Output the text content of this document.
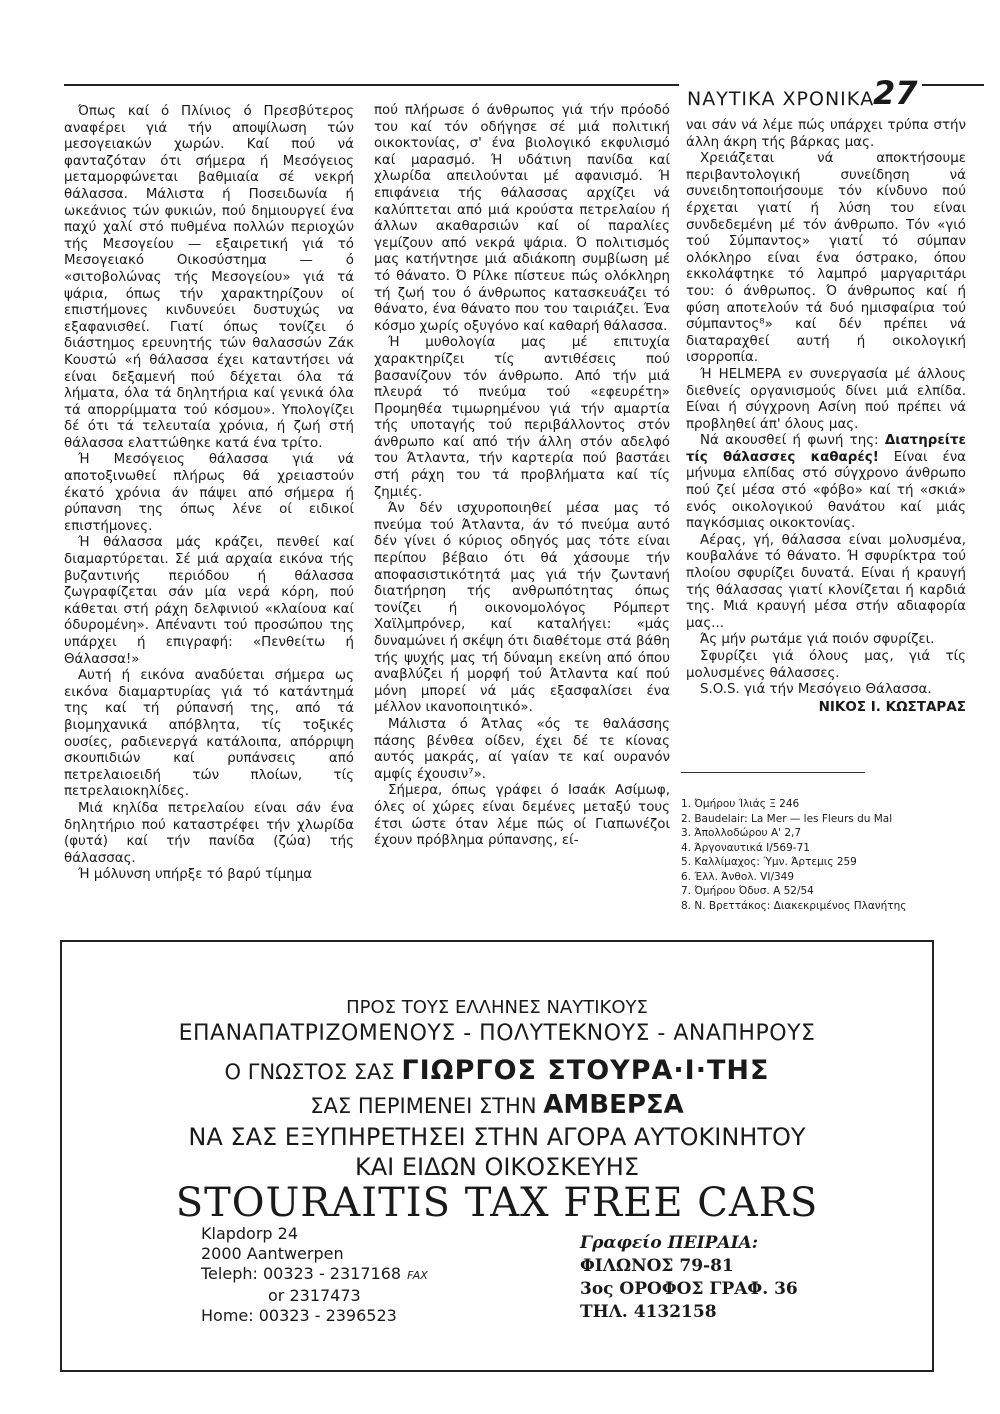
ΝΑΥΤΙΚΑ ΧΡΟΝΙΚΑ
27

Όπως καί ό Πλίνιος ό Πρεσβύτερος αναφέρει γιά τήν αποψίλωση τών μεσογειακών χωρών. Καί πού νά φανταζόταν ότι σήμερα ή Μεσόγειος μεταμορφώνεται βαθμιαία σέ νεκρή θάλασσα. Μάλιστα ή Ποσειδωνία ή ωκεάνιος τών φυκιών, πού δημιουργεί ένα παχύ χαλί στό πυθμένα πολλών περιοχών τής Μεσογείου — εξαιρετική γιά τό Μεσογειακό Οικοσύστημα — ό «σιτοβολώνας τής Μεσογείου» γιά τά ψάρια, όπως τήν χαρακτηρίζουν οί επιστήμονες κινδυνεύει δυστυχώς να εξαφανισθεί. Γιατί όπως τονίζει ό διάστημος ερευνητής τών θαλασσών Ζάκ Κουστώ «ή θάλασσα έχει καταντήσει νά είναι δεξαμενή πού δέχεται όλα τά λήματα, όλα τά δηλητήρια καί γενικά όλα τά απορρίμματα τού κόσμου». Υπολογίζει δέ ότι τά τελευταία χρόνια, ή ζωή στή θάλασσα ελαττώθηκε κατά ένα τρίτο.

Ή Μεσόγειος θάλασσα γιά νά αποτοξινωθεί πλήρως θά χρειαστούν έκατό χρόνια άν πάψει από σήμερα ή ρύπανση της όπως λένε οί ειδικοί επιστήμονες.

Ή θάλασσα μάς κράζει, πενθεί καί διαμαρτύρεται. Σέ μιά αρχαία εικόνα τής βυζαντινής περιόδου ή θάλασσα ζωγραφίζεται σάν μία νερά κόρη, πού κάθεται στή ράχη δελφινιού «κλαίουα καί όδυρομένη». Απέναντι τού προσώπου της υπάρχει ή επιγραφή: «Πενθείτω ή Θάλασσα!»

Αυτή ή εικόνα αναδύεται σήμερα ως εικόνα διαμαρτυρίας γιά τό κατάντημά της καί τή ρύπανσή της, από τά βιομηχανικά απόβλητα, τίς τοξικές ουσίες, ραδιενεργά κατάλοιπα, απόρριψη σκουπιδιών καί ρυπάνσεις από πετρελαιοειδή τών πλοίων, τίς πετρελαιοκηλίδες.

Μιά κηλίδα πετρελαίου είναι σάν ένα δηλητήριο πού καταστρέφει τήν χλωρίδα (φυτά) καί τήν πανίδα (ζώα) τής θάλασσας.

Ή μόλυνση υπήρξε τό βαρύ τίμημα

πού πλήρωσε ό άνθρωπος γιά τήν πρόοδό του καί τόν οδήγησε σέ μιά πολιτική οικοκτονίας, σ' ένα βιολογικό εκφυλισμό καί μαρασμό. Ή υδάτινη πανίδα καί χλωρίδα απειλούνται μέ αφανισμό. Ή επιφάνεια τής θάλασσας αρχίζει νά καλύπτεται από μιά κρούστα πετρελαίου ή άλλων ακαθαρσιών καί οί παραλίες γεμίζουν από νεκρά ψάρια. Ό πολιτισμός μας κατήντησε μιά αδιάκοπη συμβίωση μέ τό θάνατο. Ό Ρίλκε πίστευε πώς ολόκληρη τή ζωή του ό άνθρωπος κατασκευάζει τό θάνατο, ένα θάνατο που του ταιριάζει. Ένα κόσμο χωρίς οξυγόνο καί καθαρή θάλασσα.

Ή μυθολογία μας μέ επιτυχία χαρακτηρίζει τίς αντιθέσεις πού βασανίζουν τόν άνθρωπο. Από τήν μιά πλευρά τό πνεύμα τού «εφευρέτη» Προμηθέα τιμωρημένου γιά τήν αμαρτία τής υποταγής τού περιβάλλοντος στόν άνθρωπο καί από τήν άλλη στόν αδελφό του Άτλαντα, τήν καρτερία πού βαστάει στή ράχη του τά προβλήματα καί τίς ζημιές.

Άν δέν ισχυροποιηθεί μέσα μας τό πνεύμα τού Άτλαντα, άν τό πνεύμα αυτό δέν γίνει ό κύριος οδηγός μας τότε είναι περίπου βέβαιο ότι θά χάσουμε τήν αποφασιστικότητά μας γιά τήν ζωντανή διατήρηση τής ανθρωπότητας όπως τονίζει ή οικονομολόγος Ρόμπερτ Χαϊλμπρόνερ, καί καταλήγει: «μάς δυναμώνει ή σκέψη ότι διαθέτομε στά βάθη τής ψυχής μας τή δύναμη εκείνη από όπου αναβλύζει ή μορφή τού Άτλαντα καί πού μόνη μπορεί νά μάς εξασφαλίσει ένα μέλλον ικανοποιητικό».

Μάλιστα ό Άτλας «ός τε θαλάσσης πάσης βένθεα οίδεν, έχει δέ τε κίονας αυτός μακράς, αί γαίαν τε καί ουρανόν αμφίς έχουσιν⁷».

Σήμερα, όπως γράφει ό Ισαάκ Ασίμωφ, όλες οί χώρες είναι δεμένες μεταξύ τους έτσι ώστε όταν λέμε πώς οί Γιαπωνέζοι έχουν πρόβλημα ρύπανσης, εί-

ναι σάν νά λέμε πώς υπάρχει τρύπα στήν άλλη άκρη τής βάρκας μας.

Χρειάζεται νά αποκτήσουμε περιβαντολογική συνείδηση νά συνειδητοποιήσουμε τόν κίνδυνο πού έρχεται γιατί ή λύση του είναι συνδεδεμένη μέ τόν άνθρωπο. Τόν «γιό τού Σύμπαντος» γιατί τό σύμπαν ολόκληρο είναι ένα όστρακο, όπου εκκολάφτηκε τό λαμπρό μαργαριτάρι του: ό άνθρωπος. Ό άνθρωπος καί ή φύση αποτελούν τά δυό ημισφαίρια τού σύμπαντος⁸» καί δέν πρέπει νά διαταραχθεί αυτή ή οικολογική ισορροπία.

Ή HELMEPA εν συνεργασία μέ άλλους διεθνείς οργανισμούς δίνει μιά ελπίδα. Είναι ή σύγχρονη Ασίνη πού πρέπει νά προβληθεί άπ' όλους μας.

Νά ακουσθεί ή φωνή της: Διατηρείτε τίς θάλασσες καθαρές! Είναι ένα μήνυμα ελπίδας στό σύγχρονο άνθρωπο πού ζεί μέσα στό «φόβο» καί τή «σκιά» ενός οικολογικού θανάτου καί μιάς παγκόσμιας οικοκτονίας.

Αέρας, γή, θάλασσα είναι μολυσμένα, κουβαλάνε τό θάνατο. Ή σφυρίκτρα τού πλοίου σφυρίζει δυνατά. Είναι ή κραυγή τής θάλασσας γιατί κλονίζεται ή καρδιά της. Μιά κραυγή μέσα στήν αδιαφορία μας...

Άς μήν ρωτάμε γιά ποιόν σφυρίζει.

Σφυρίζει γιά όλους μας, γιά τίς μολυσμένες θάλασσες.

S.O.S. γιά τήν Μεσόγειο Θάλασσα.

ΝΙΚΟΣ Ι. ΚΩΣΤΑΡΑΣ

1. Όμήρου Ίλιάς Ξ 246
2. Baudelair: La Mer — les Fleurs du Mal
3. Άπολλοδώρου Α' 2,7
4. Άργοναυτικά Ι/569-71
5. Καλλίμαχος: Ύμν. Άρτεμις 259
6. Έλλ. Άνθολ. VI/349
7. Όμήρου Όδυσ. Α 52/54
8. Ν. Βρεττάκος: Διακεκριμένος Πλανήτης
ΠΡΟΣ ΤΟΥΣ ΕΛΛΗΝΕΣ ΝΑΥΤΙΚΟΥΣ
ΕΠΑΝΑΠΑΤΡΙΖΟΜΕΝΟΥΣ - ΠΟΛΥΤΕΚΝΟΥΣ - ΑΝΑΠΗΡΟΥΣ
Ο ΓΝΩΣΤΟΣ ΣΑΣ ΓΙΩΡΓΟΣ ΣΤΟΥΡΑ·Ι·ΤΗΣ
ΣΑΣ ΠΕΡΙΜΕΝΕΙ ΣΤΗΝ ΑΜΒΕΡΣΑ
ΝΑ ΣΑΣ ΕΞΥΠΗΡΕΤΗΣΕΙ ΣΤΗΝ ΑΓΟΡΑ ΑΥΤΟΚΙΝΗΤΟΥ
ΚΑΙ ΕΙΔΩΝ ΟΙΚΟΣΚΕΥΗΣ
STOURAITIS TAX FREE CARS
Klapdorp 24
2000 Aantwerpen
Teleph: 00323 - 2317168 FAX
or 2317473
Home: 00323 - 2396523
Γραφείο ΠΕΙΡΑΙΑ:
ΦΙΛΩΝΟΣ 79-81
3ος ΟΡΟΦΟΣ ΓΡΑΦ. 36
ΤΗΛ. 4132158
